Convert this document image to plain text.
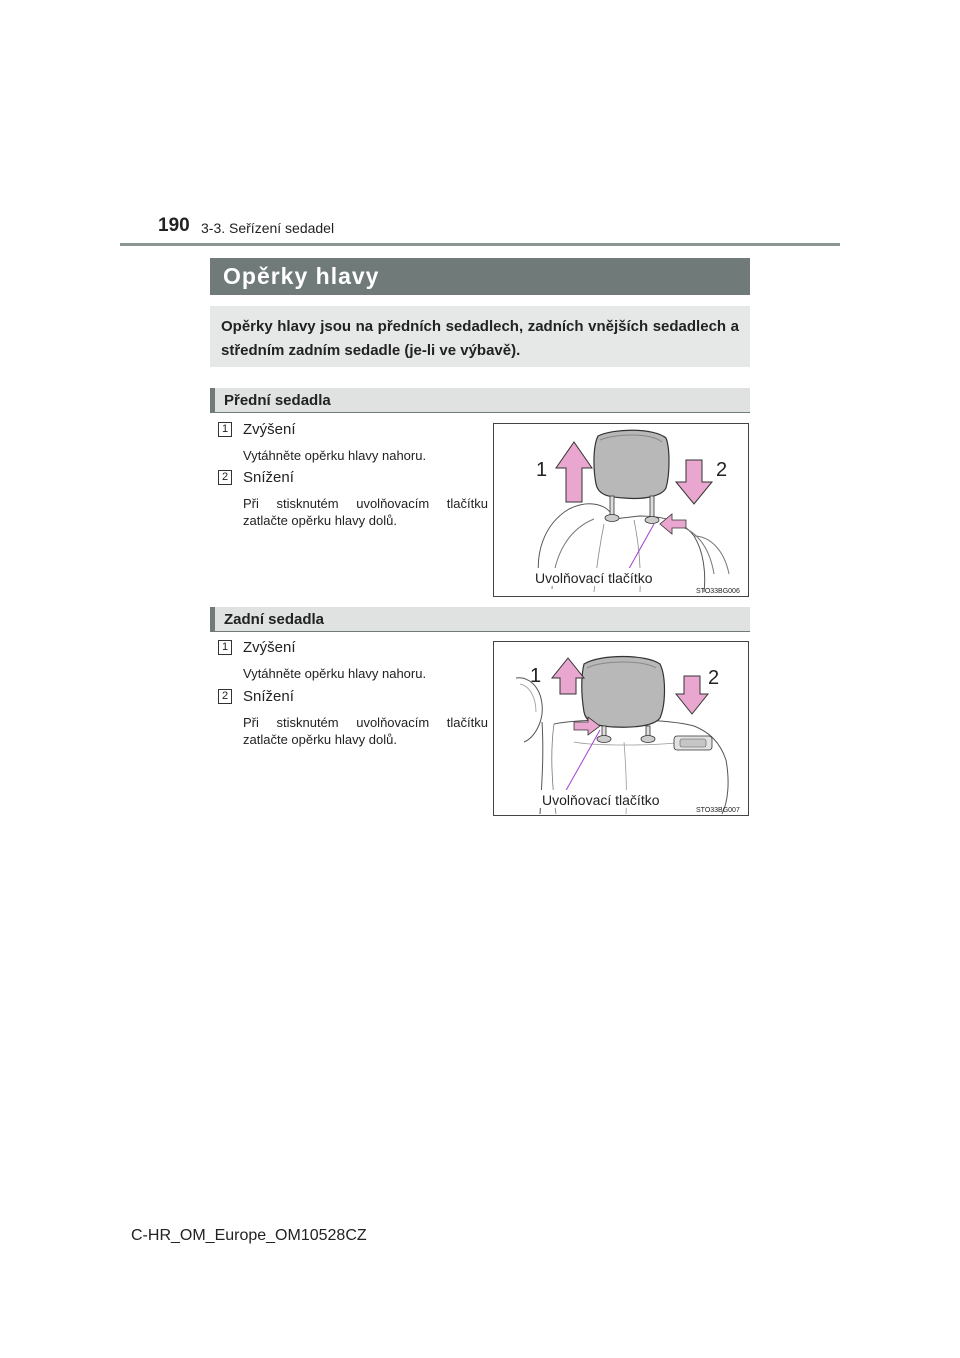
190 3-3. Seřízení sedadel
Opěrky hlavy
Opěrky hlavy jsou na předních sedadlech, zadních vnějších sedadlech a středním zadním sedadle (je-li ve výbavě).
Přední sedadla
1 Zvýšení
Vytáhněte opěrku hlavy nahoru.
2 Snížení
Při stisknutém uvolňovacím tlačítku zatlačte opěrku hlavy dolů.
1	2
Uvolňovací tlačítko
STO33BG006
Zadní sedadla
1 Zvýšení
Vytáhněte opěrku hlavy nahoru.
2 Snížení
Při stisknutém uvolňovacím tlačítku zatlačte opěrku hlavy dolů.
1	2
Uvolňovací tlačítko
STO33BG007
C-HR_OM_Europe_OM10528CZ
